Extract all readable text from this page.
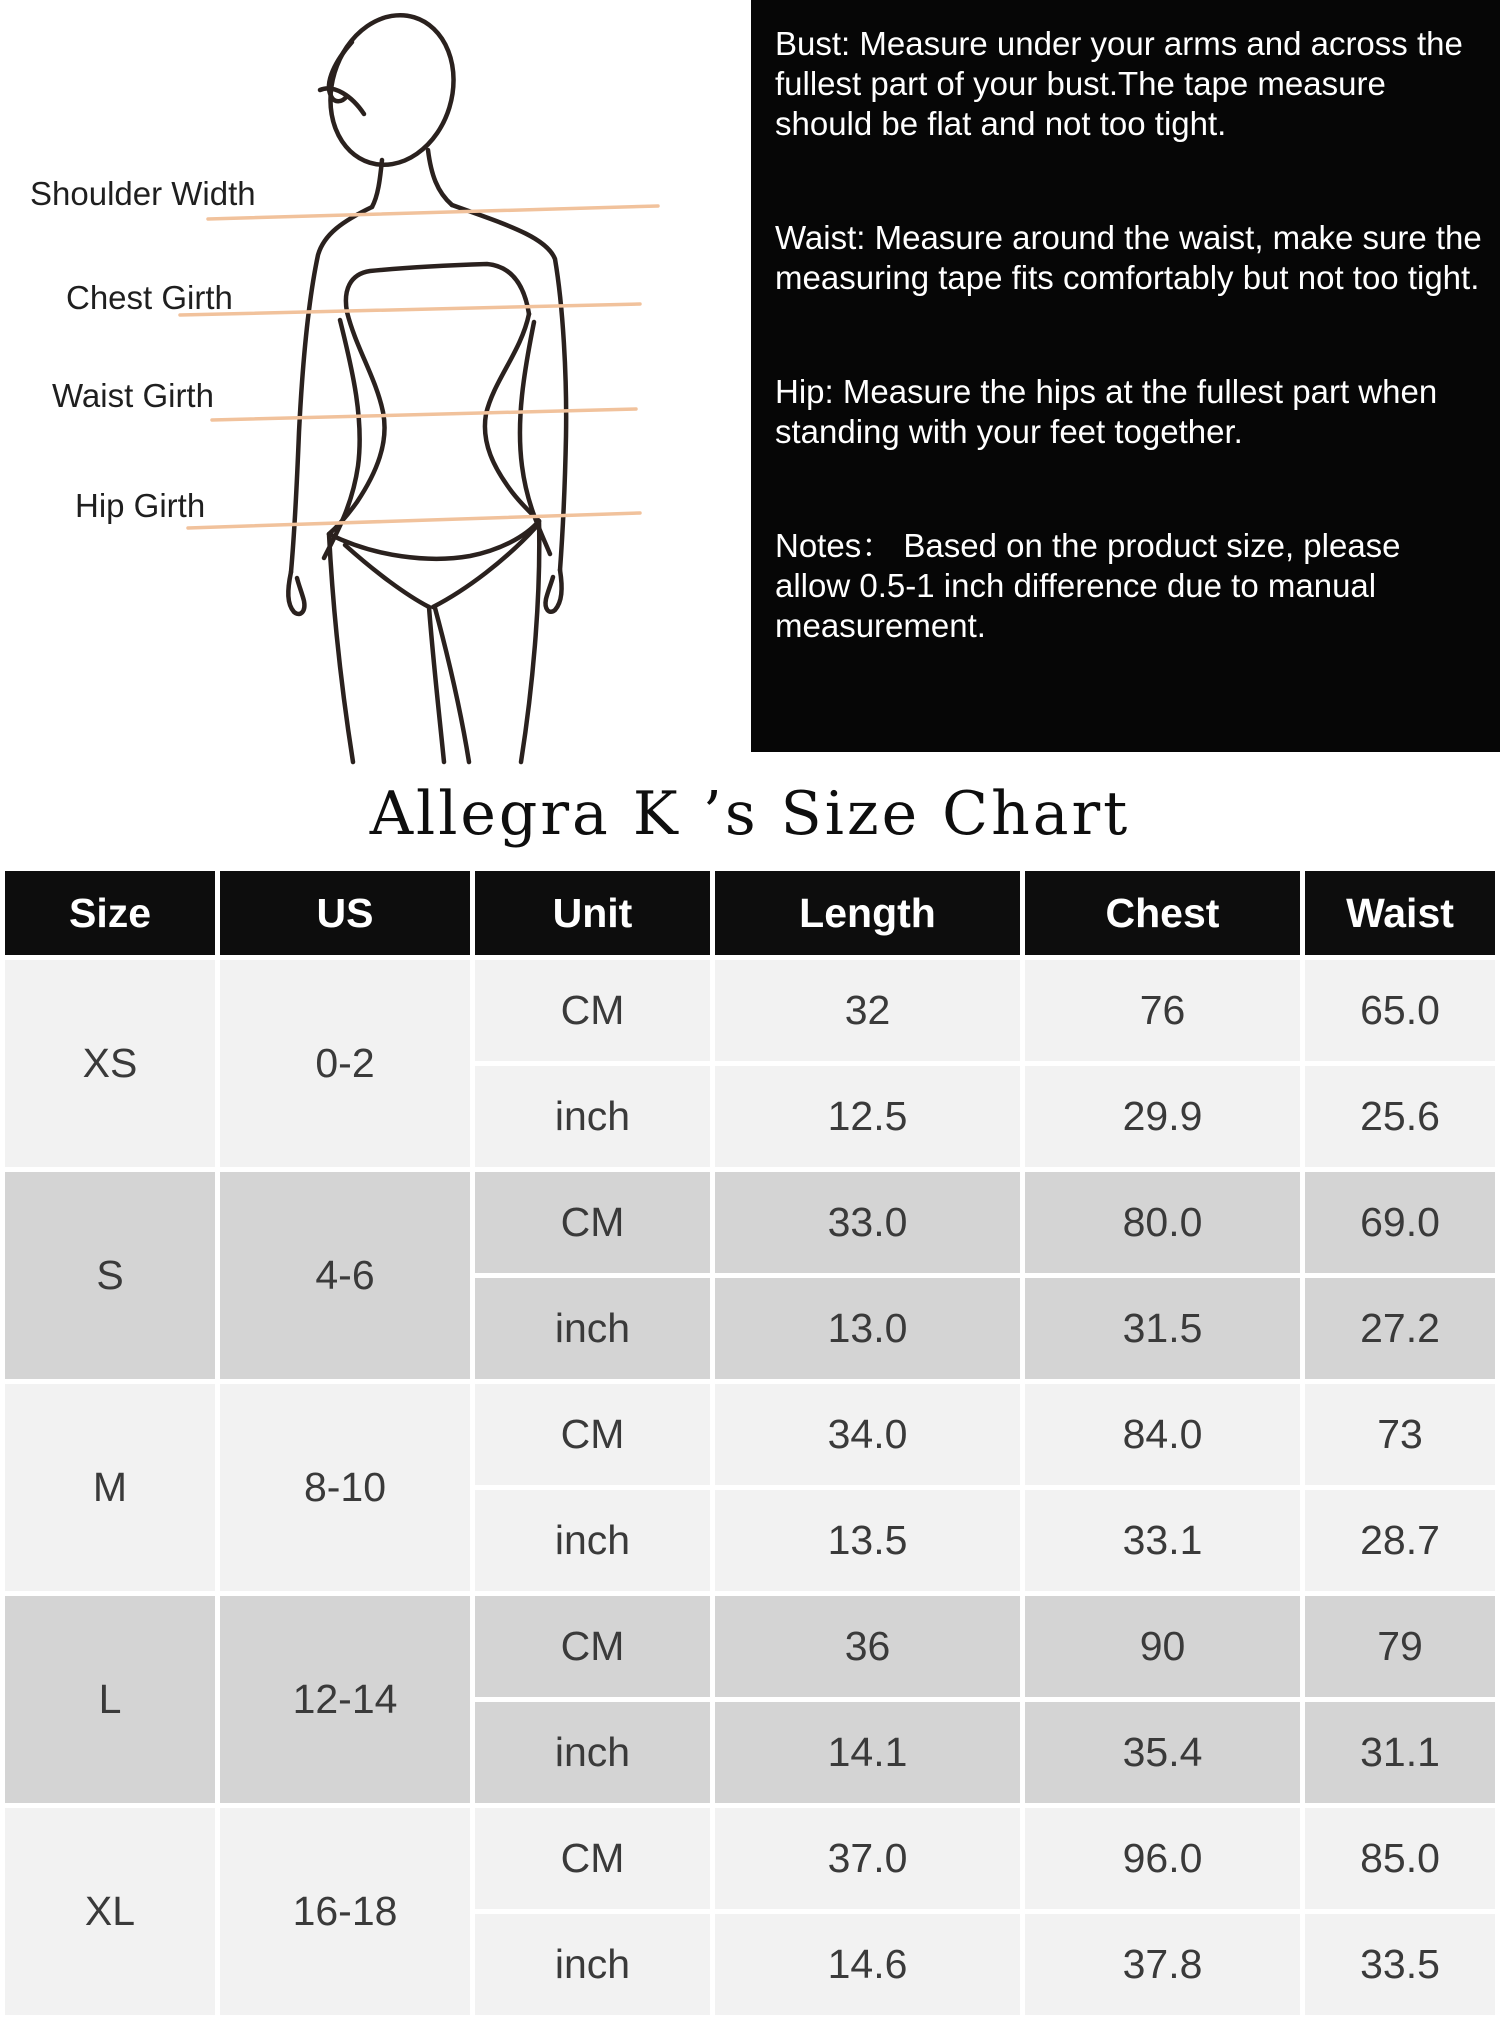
Shoulder Width
Chest Girth
Waist Girth
Hip Girth

Bust: Measure under your arms and across the fullest part of your bust.The tape measure should be flat and not too tight.

Waist: Measure around the waist, make sure the measuring tape fits comfortably but not too tight.

Hip: Measure the hips at the fullest part when standing with your feet together.

Notes： Based on the product size, please allow 0.5-1 inch difference due to manual measurement.

Allegra K ’s Size Chart
Size	US	Unit	Length	Chest	Waist
XS	0-2	CM	32	76	65.0
		inch	12.5	29.9	25.6
S	4-6	CM	33.0	80.0	69.0
		inch	13.0	31.5	27.2
M	8-10	CM	34.0	84.0	73
		inch	13.5	33.1	28.7
L	12-14	CM	36	90	79
		inch	14.1	35.4	31.1
XL	16-18	CM	37.0	96.0	85.0
		inch	14.6	37.8	33.5
